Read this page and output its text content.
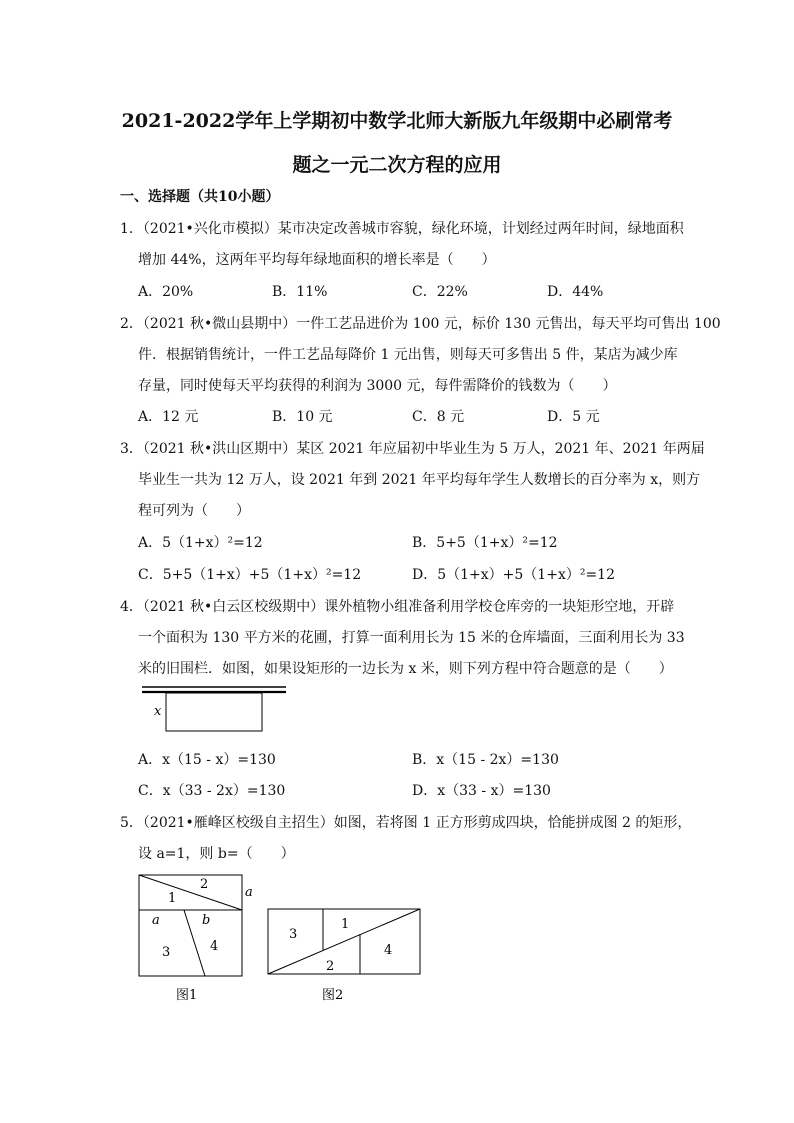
2021-2022学年上学期初中数学北师大新版九年级期中必刷常考
题之一元二次方程的应用
一、选择题（共10小题）
1．（2021•兴化市模拟）某市决定改善城市容貌，绿化环境，计划经过两年时间，绿地面积
增加 44%，这两年平均每年绿地面积的增长率是（　　）
A．20%	B．11%	C．22%	D．44%
2．（2021 秋•微山县期中）一件工艺品进价为 100 元，标价 130 元售出，每天平均可售出 100
件．根据销售统计，一件工艺品每降价 1 元出售，则每天可多售出 5 件，某店为减少库
存量，同时使每天平均获得的利润为 3000 元，每件需降价的钱数为（　　）
A．12 元	B．10 元	C．8 元	D．5 元
3．（2021 秋•洪山区期中）某区 2021 年应届初中毕业生为 5 万人，2021 年、2021 年两届
毕业生一共为 12 万人，设 2021 年到 2021 年平均每年学生人数增长的百分率为 x，则方
程可列为（　　）
A．5（1+x）²=12	B．5+5（1+x）²=12
C．5+5（1+x）+5（1+x）²=12	D．5（1+x）+5（1+x）²=12
4．（2021 秋•白云区校级期中）课外植物小组准备利用学校仓库旁的一块矩形空地，开辟
一个面积为 130 平方米的花圃，打算一面利用长为 15 米的仓库墙面，三面利用长为 33
米的旧围栏．如图，如果设矩形的一边长为 x 米，则下列方程中符合题意的是（　　）
x
A．x（15 - x）=130	B．x（15 - 2x）=130
C．x（33 - 2x）=130	D．x（33 - x）=130
5．（2021•雁峰区校级自主招生）如图，若将图 1 正方形剪成四块，恰能拼成图 2 的矩形，
设 a=1，则 b=（　　）
1
2
a
a	b
3	4
图1
3
1
2
4
图2
